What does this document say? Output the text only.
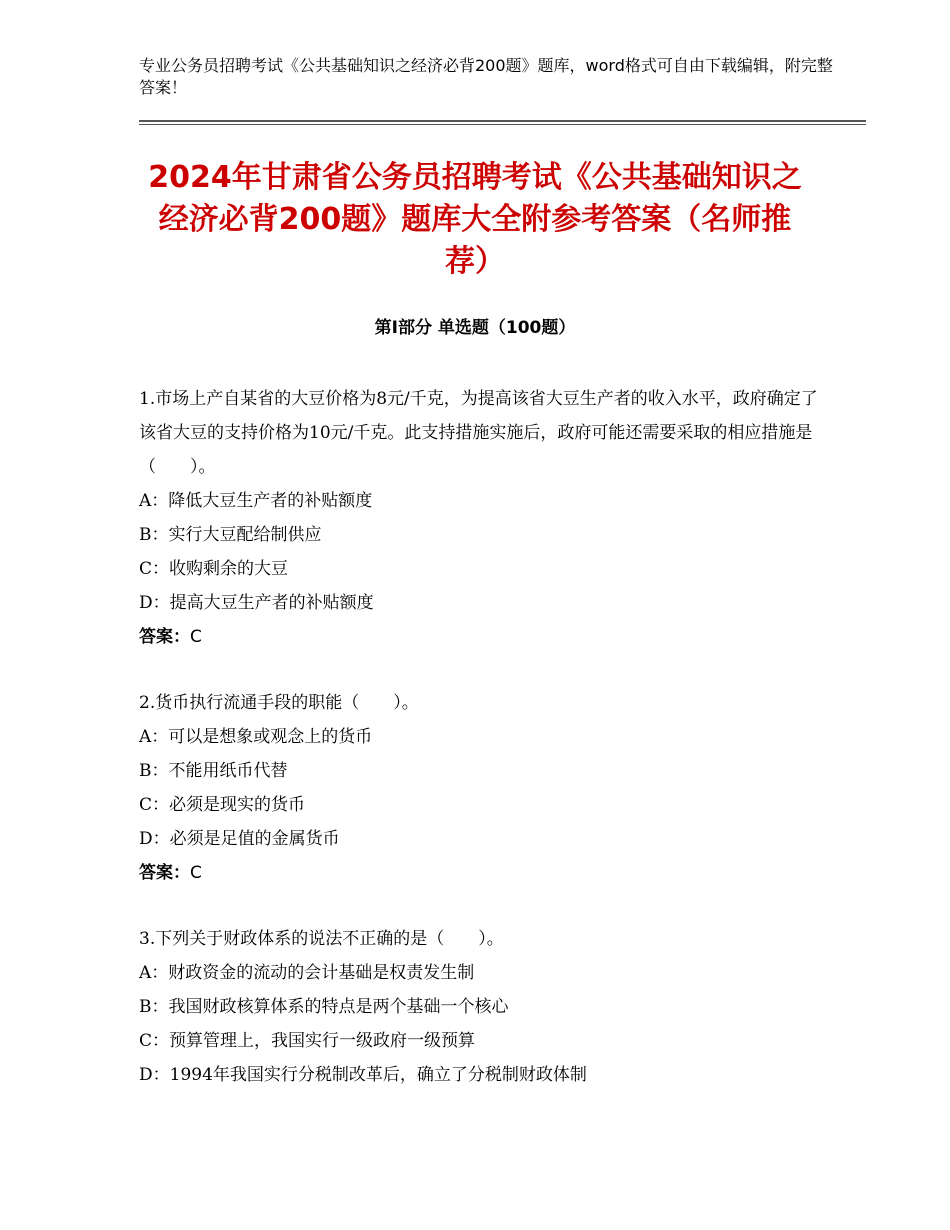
专业公务员招聘考试《公共基础知识之经济必背200题》题库，word格式可自由下载编辑，附完整答案！
2024年甘肃省公务员招聘考试《公共基础知识之经济必背200题》题库大全附参考答案（名师推荐）
第Ⅰ部分 单选题（100题）

1.市场上产自某省的大豆价格为8元/千克，为提高该省大豆生产者的收入水平，政府确定了该省大豆的支持价格为10元/千克。此支持措施实施后，政府可能还需要采取的相应措施是（　　）。

A：降低大豆生产者的补贴额度

B：实行大豆配给制供应

C：收购剩余的大豆

D：提高大豆生产者的补贴额度

答案：C

2.货币执行流通手段的职能（　　）。

A：可以是想象或观念上的货币

B：不能用纸币代替

C：必须是现实的货币

D：必须是足值的金属货币

答案：C

3.下列关于财政体系的说法不正确的是（　　）。

A：财政资金的流动的会计基础是权责发生制

B：我国财政核算体系的特点是两个基础一个核心

C：预算管理上，我国实行一级政府一级预算

D：1994年我国实行分税制改革后，确立了分税制财政体制
